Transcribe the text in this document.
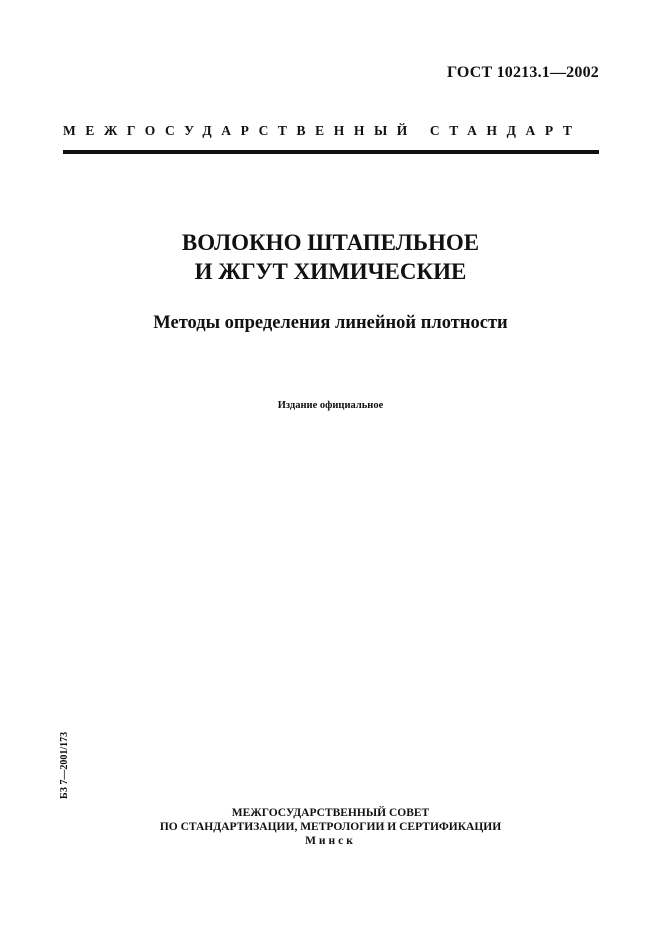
ГОСТ 10213.1—2002
МЕЖГОСУДАРСТВЕННЫЙ СТАНДАРТ
ВОЛОКНО ШТАПЕЛЬНОЕ
И ЖГУТ ХИМИЧЕСКИЕ
Методы определения линейной плотности
Издание официальное
БЗ 7—2001/173
МЕЖГОСУДАРСТВЕННЫЙ СОВЕТ
ПО СТАНДАРТИЗАЦИИ, МЕТРОЛОГИИ И СЕРТИФИКАЦИИ
Минск
